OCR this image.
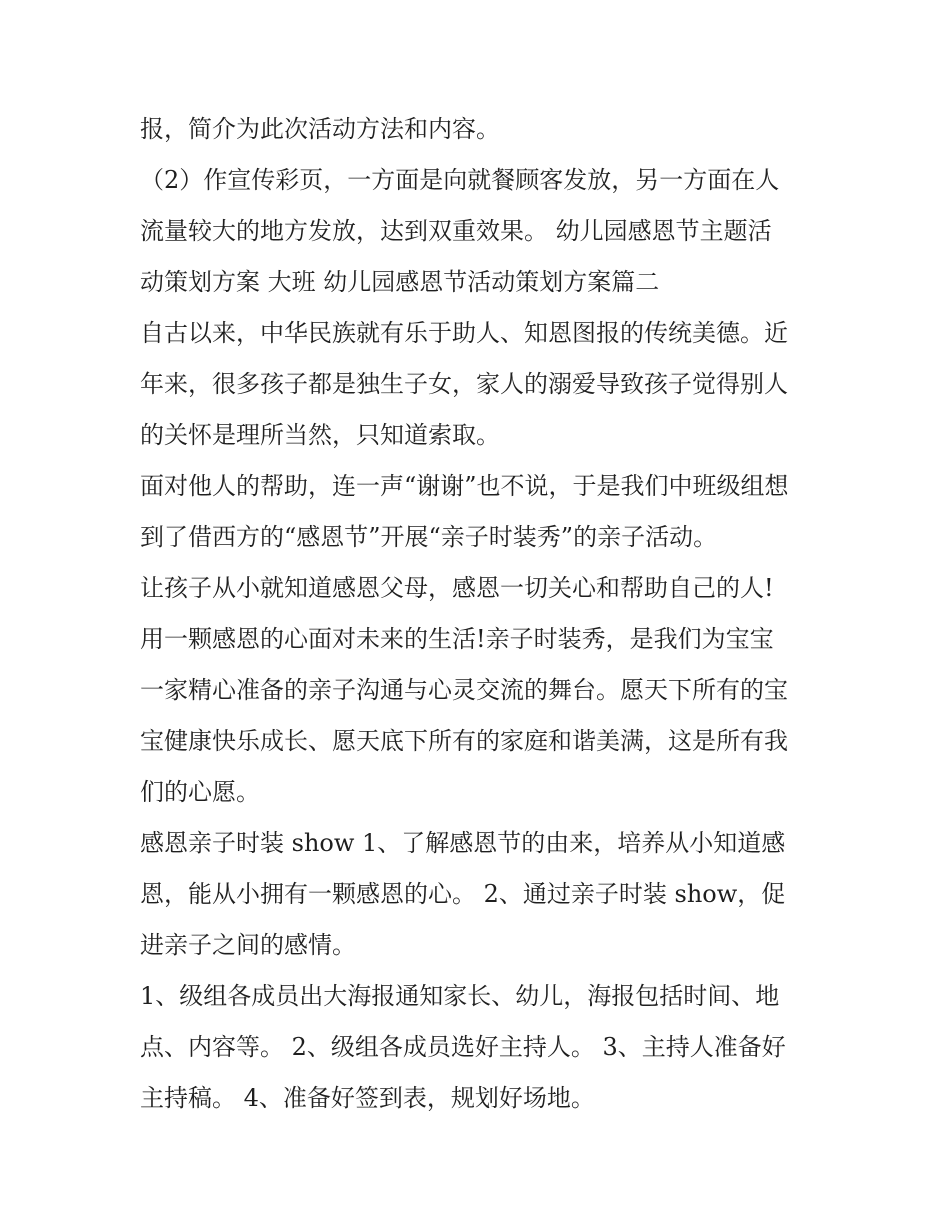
报，简介为此次活动方法和内容。
（2）作宣传彩页，一方面是向就餐顾客发放，另一方面在人
流量较大的地方发放，达到双重效果。 幼儿园感恩节主题活
动策划方案 大班 幼儿园感恩节活动策划方案篇二
自古以来，中华民族就有乐于助人、知恩图报的传统美德。近
年来，很多孩子都是独生子女，家人的溺爱导致孩子觉得别人
的关怀是理所当然，只知道索取。
面对他人的帮助，连一声“谢谢”也不说，于是我们中班级组想
到了借西方的“感恩节”开展“亲子时装秀”的亲子活动。
让孩子从小就知道感恩父母，感恩一切关心和帮助自己的人!
用一颗感恩的心面对未来的生活!亲子时装秀，是我们为宝宝
一家精心准备的亲子沟通与心灵交流的舞台。愿天下所有的宝
宝健康快乐成长、愿天底下所有的家庭和谐美满，这是所有我
们的心愿。
感恩亲子时装 show 1、了解感恩节的由来，培养从小知道感
恩，能从小拥有一颗感恩的心。 2、通过亲子时装 show，促
进亲子之间的感情。
1、级组各成员出大海报通知家长、幼儿，海报包括时间、地
点、内容等。 2、级组各成员选好主持人。 3、主持人准备好
主持稿。 4、准备好签到表，规划好场地。
